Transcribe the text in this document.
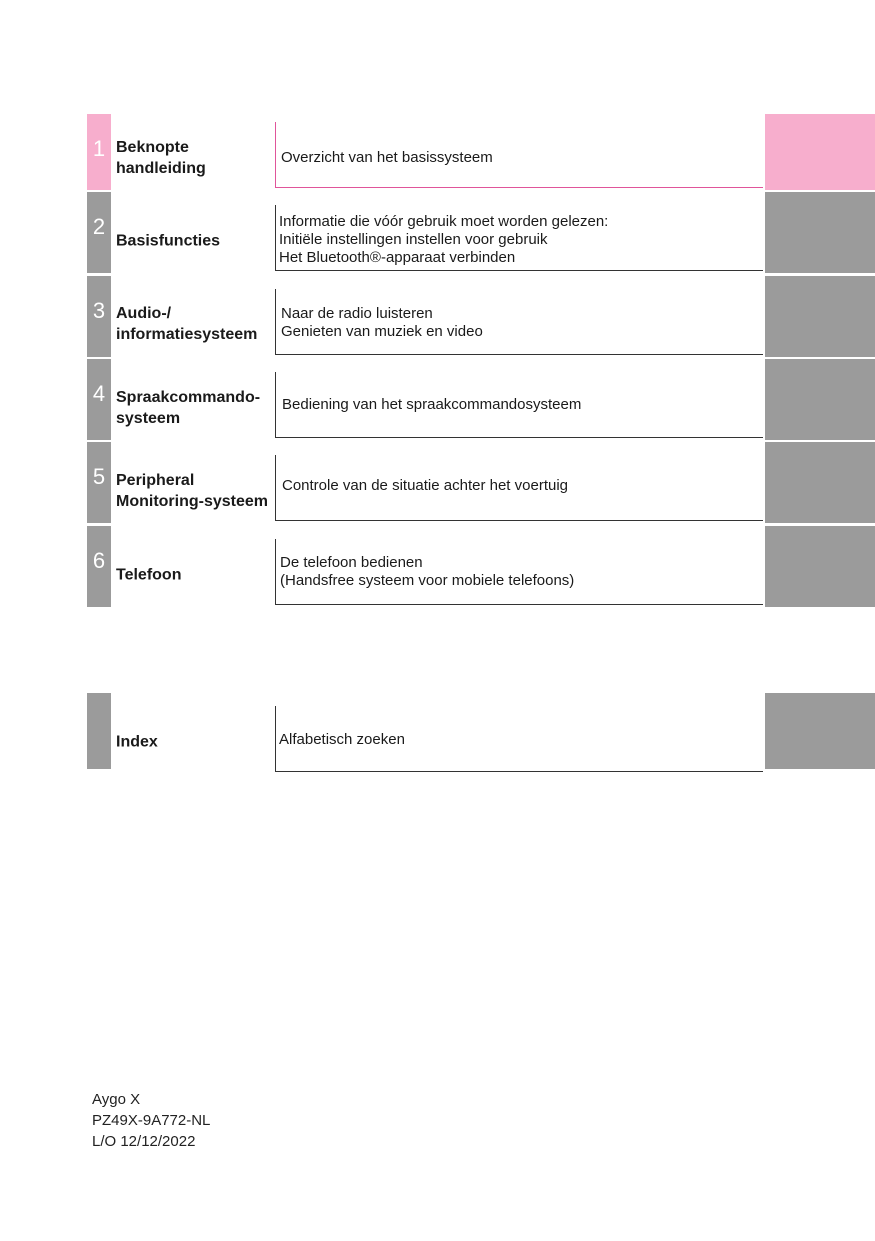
1 Beknopte handleiding
Overzicht van het basissysteem
2
Basisfuncties
Informatie die vóór gebruik moet worden gelezen:
Initiële instellingen instellen voor gebruik
Het Bluetooth®-apparaat verbinden
3 Audio-/
informatiesysteem
Naar de radio luisteren
Genieten van muziek en video
4 Spraakcommando-
systeem
Bediening van het spraakcommandosysteem
5 Peripheral
Monitoring-systeem
Controle van de situatie achter het voertuig
6
Telefoon
De telefoon bedienen
(Handsfree systeem voor mobiele telefoons)
Index	Alfabetisch zoeken
Aygo X
PZ49X-9A772-NL
L/O 12/12/2022
